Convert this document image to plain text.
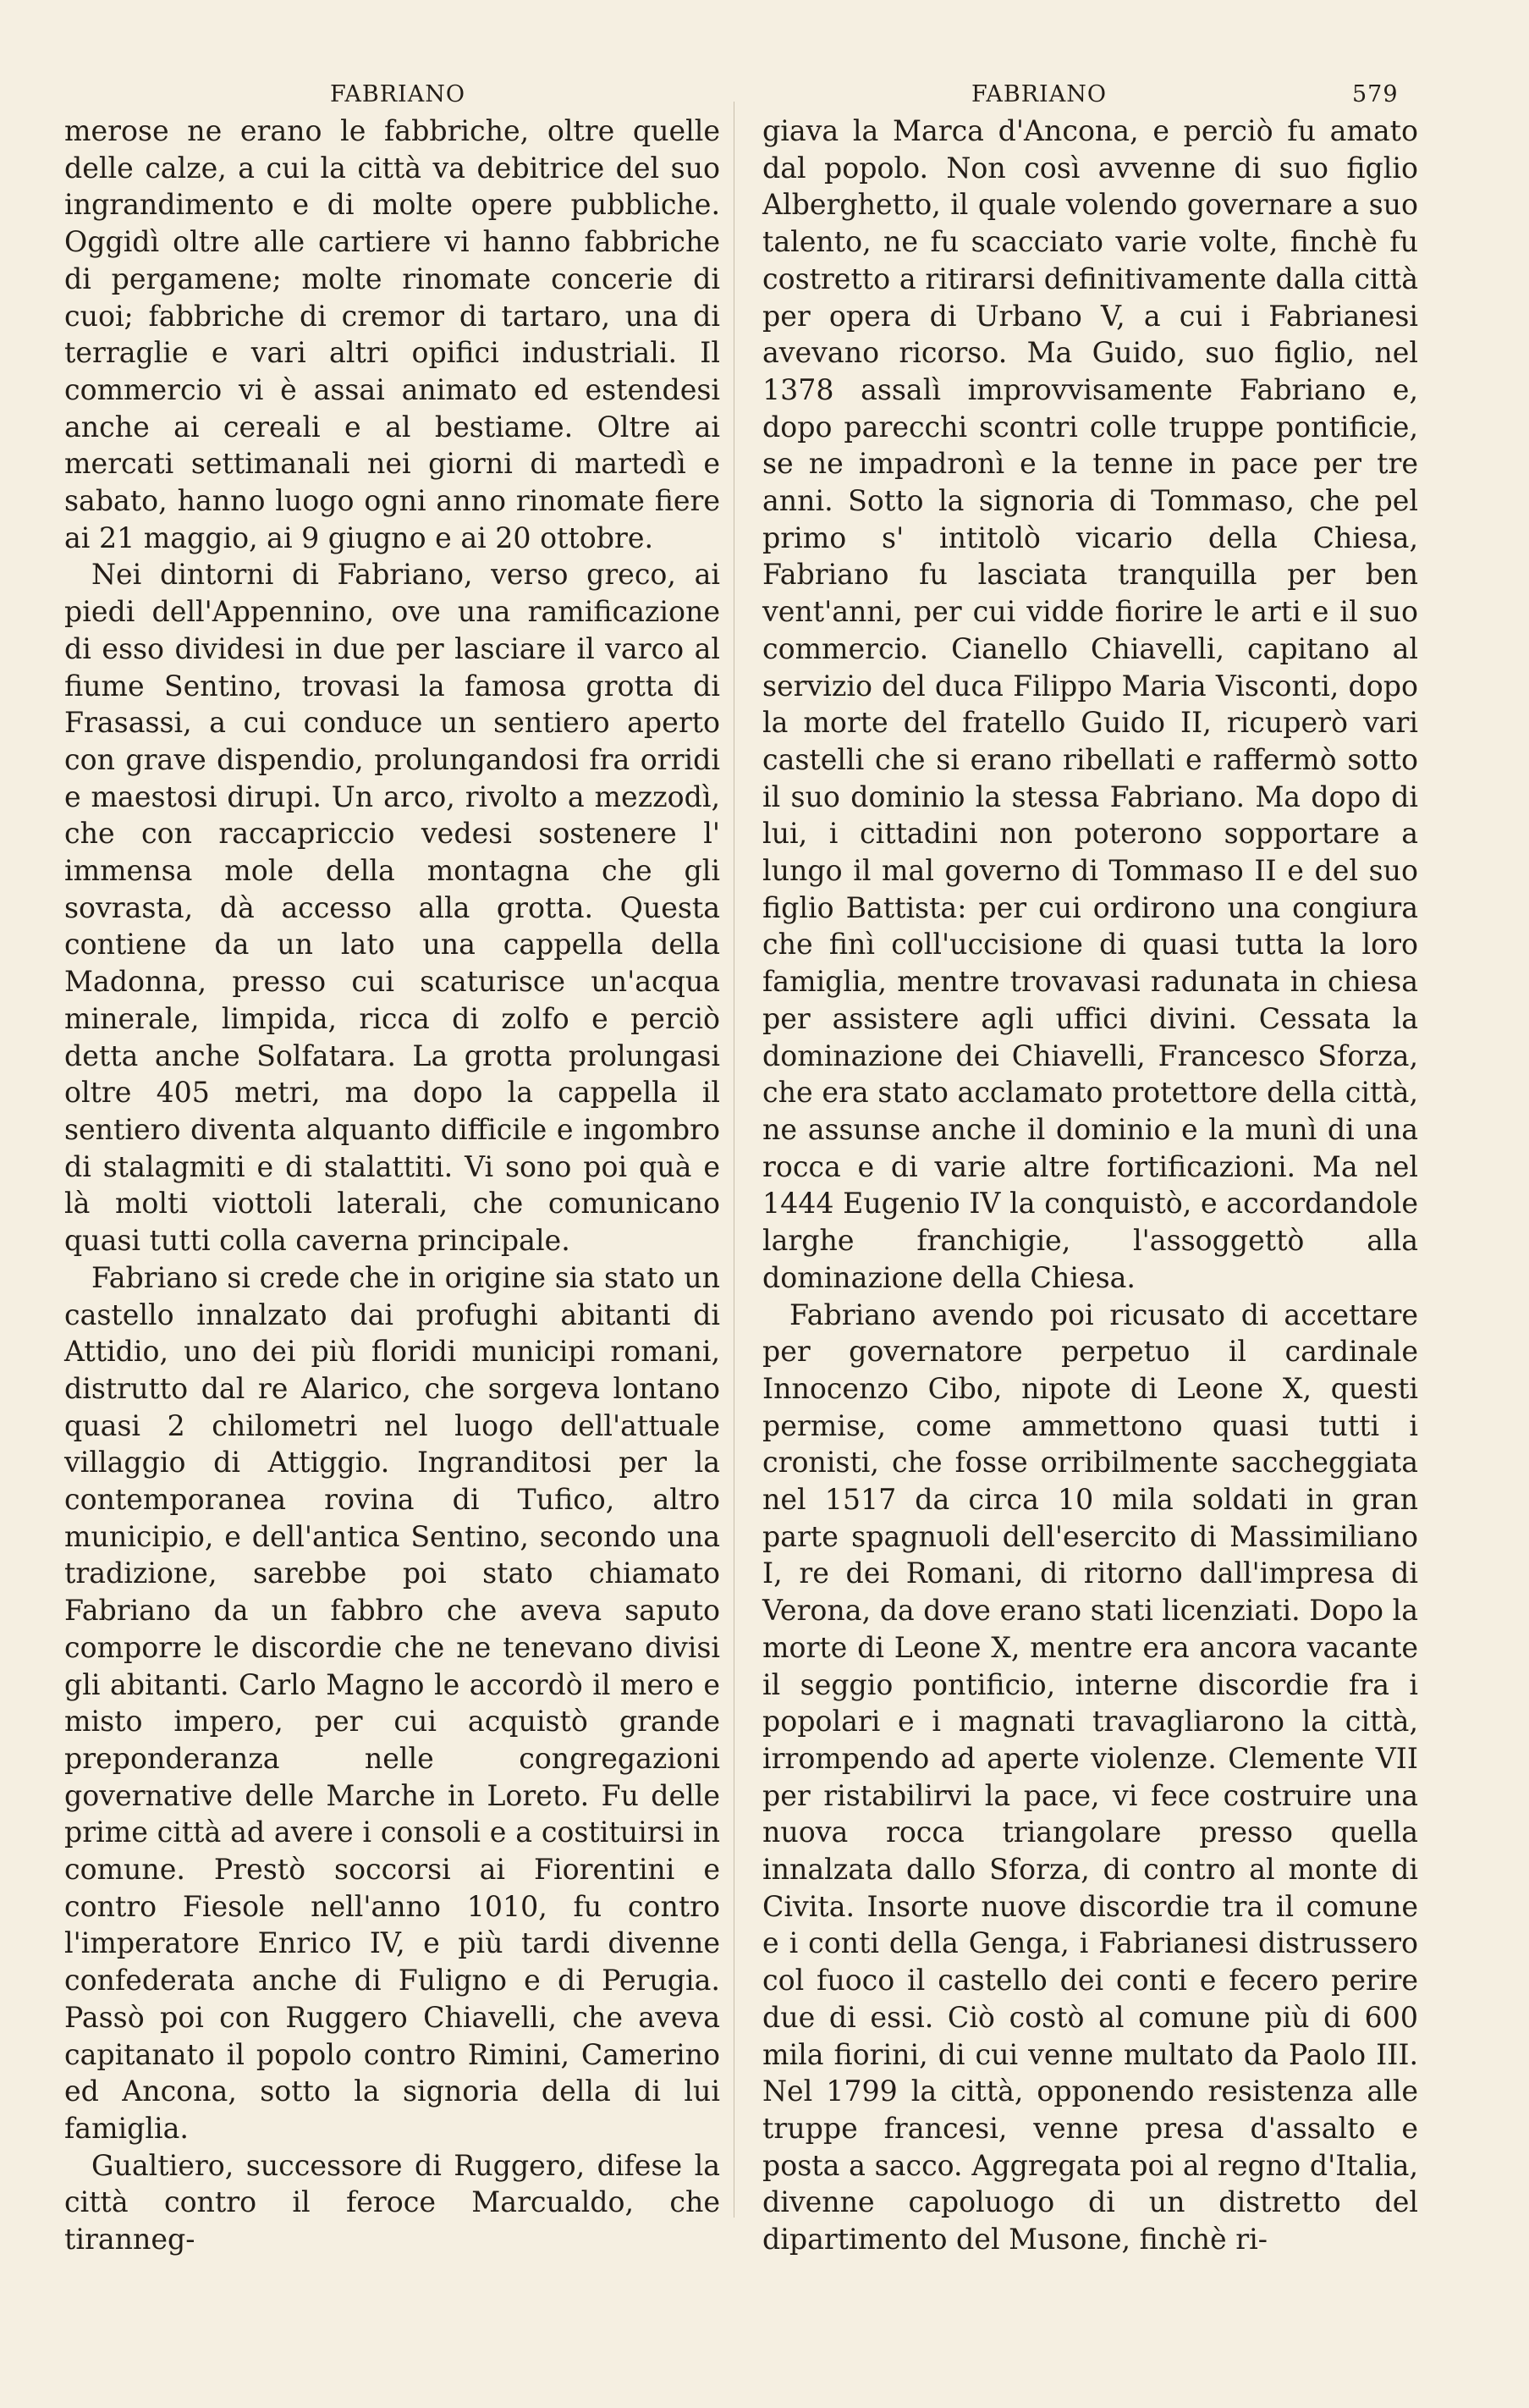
FABRIANO	FABRIANO	579

merose ne erano le fabbriche, oltre quelle delle calze, a cui la città va debitrice del suo ingrandimento e di molte opere pubbliche. Oggidì oltre alle cartiere vi hanno fabbriche di pergamene; molte rinomate concerie di cuoi; fabbriche di cremor di tartaro, una di terraglie e vari altri opifici industriali. Il commercio vi è assai animato ed estendesi anche ai cereali e al bestiame. Oltre ai mercati settimanali nei giorni di martedì e sabato, hanno luogo ogni anno rinomate fiere ai 21 maggio, ai 9 giugno e ai 20 ottobre.

Nei dintorni di Fabriano, verso greco, ai piedi dell'Appennino, ove una ramificazione di esso dividesi in due per lasciare il varco al fiume Sentino, trovasi la famosa grotta di Frasassi, a cui conduce un sentiero aperto con grave dispendio, prolungandosi fra orridi e maestosi dirupi. Un arco, rivolto a mezzodì, che con raccapriccio vedesi sostenere l' immensa mole della montagna che gli sovrasta, dà accesso alla grotta. Questa contiene da un lato una cappella della Madonna, presso cui scaturisce un'acqua minerale, limpida, ricca di zolfo e perciò detta anche Solfatara. La grotta prolungasi oltre 405 metri, ma dopo la cappella il sentiero diventa alquanto difficile e ingombro di stalagmiti e di stalattiti. Vi sono poi quà e là molti viottoli laterali, che comunicano quasi tutti colla caverna principale.

Fabriano si crede che in origine sia stato un castello innalzato dai profughi abitanti di Attidio, uno dei più floridi municipi romani, distrutto dal re Alarico, che sorgeva lontano quasi 2 chilometri nel luogo dell'attuale villaggio di Attiggio. Ingranditosi per la contemporanea rovina di Tufico, altro municipio, e dell'antica Sentino, secondo una tradizione, sarebbe poi stato chiamato Fabriano da un fabbro che aveva saputo comporre le discordie che ne tenevano divisi gli abitanti. Carlo Magno le accordò il mero e misto impero, per cui acquistò grande preponderanza nelle congregazioni governative delle Marche in Loreto. Fu delle prime città ad avere i consoli e a costituirsi in comune. Prestò soccorsi ai Fiorentini e contro Fiesole nell'anno 1010, fu contro l'imperatore Enrico IV, e più tardi divenne confederata anche di Fuligno e di Perugia. Passò poi con Ruggero Chiavelli, che aveva capitanato il popolo contro Rimini, Camerino ed Ancona, sotto la signoria della di lui famiglia.

Gualtiero, successore di Ruggero, difese la città contro il feroce Marcualdo, che tiranneg-

giava la Marca d'Ancona, e perciò fu amato dal popolo. Non così avvenne di suo figlio Alberghetto, il quale volendo governare a suo talento, ne fu scacciato varie volte, finchè fu costretto a ritirarsi definitivamente dalla città per opera di Urbano V, a cui i Fabrianesi avevano ricorso. Ma Guido, suo figlio, nel 1378 assalì improvvisamente Fabriano e, dopo parecchi scontri colle truppe pontificie, se ne impadronì e la tenne in pace per tre anni. Sotto la signoria di Tommaso, che pel primo s' intitolò vicario della Chiesa, Fabriano fu lasciata tranquilla per ben vent'anni, per cui vidde fiorire le arti e il suo commercio. Cianello Chiavelli, capitano al servizio del duca Filippo Maria Visconti, dopo la morte del fratello Guido II, ricuperò vari castelli che si erano ribellati e raffermò sotto il suo dominio la stessa Fabriano. Ma dopo di lui, i cittadini non poterono sopportare a lungo il mal governo di Tommaso II e del suo figlio Battista: per cui ordirono una congiura che finì coll'uccisione di quasi tutta la loro famiglia, mentre trovavasi radunata in chiesa per assistere agli uffici divini. Cessata la dominazione dei Chiavelli, Francesco Sforza, che era stato acclamato protettore della città, ne assunse anche il dominio e la munì di una rocca e di varie altre fortificazioni. Ma nel 1444 Eugenio IV la conquistò, e accordandole larghe franchigie, l'assoggettò alla dominazione della Chiesa.

Fabriano avendo poi ricusato di accettare per governatore perpetuo il cardinale Innocenzo Cibo, nipote di Leone X, questi permise, come ammettono quasi tutti i cronisti, che fosse orribilmente saccheggiata nel 1517 da circa 10 mila soldati in gran parte spagnuoli dell'esercito di Massimiliano I, re dei Romani, di ritorno dall'impresa di Verona, da dove erano stati licenziati. Dopo la morte di Leone X, mentre era ancora vacante il seggio pontificio, interne discordie fra i popolari e i magnati travagliarono la città, irrompendo ad aperte violenze. Clemente VII per ristabilirvi la pace, vi fece costruire una nuova rocca triangolare presso quella innalzata dallo Sforza, di contro al monte di Civita. Insorte nuove discordie tra il comune e i conti della Genga, i Fabrianesi distrussero col fuoco il castello dei conti e fecero perire due di essi. Ciò costò al comune più di 600 mila fiorini, di cui venne multato da Paolo III. Nel 1799 la città, opponendo resistenza alle truppe francesi, venne presa d'assalto e posta a sacco. Aggregata poi al regno d'Italia, divenne capoluogo di un distretto del dipartimento del Musone, finchè ri-
